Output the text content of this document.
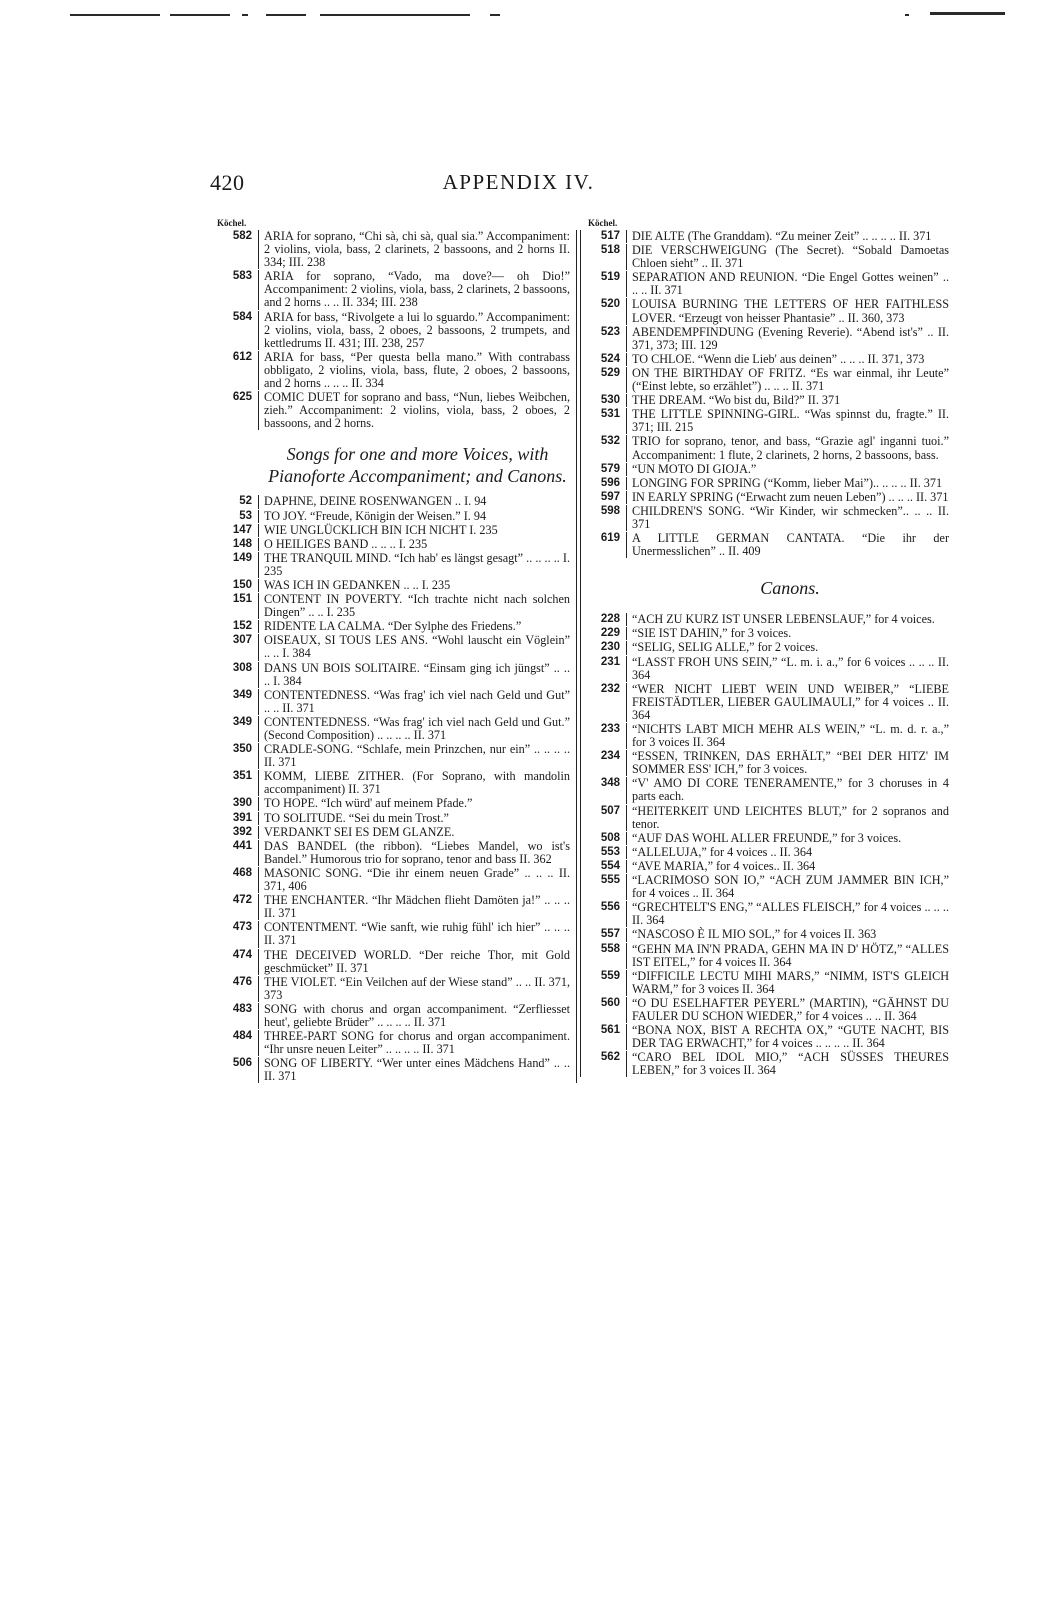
APPENDIX IV.
420
Köchel.
582 ARIA for soprano, “Chi sà, chi sà, qual sia.” Accompaniment: 2 violins, viola, bass, 2 clarinets, 2 bassoons, and 2 horns II. 334; III. 238
583 ARIA for soprano, “Vado, ma dove?— oh Dio!” Accompaniment: 2 violins, viola, bass, 2 clarinets, 2 bassoons, and 2 horns .. .. II. 334; III. 238
584 ARIA for bass, “Rivolgete a lui lo sguardo.” Accompaniment: 2 violins, viola, bass, 2 oboes, 2 bassoons, 2 trumpets, and kettledrums II. 431; III. 238, 257
612 ARIA for bass, “Per questa bella mano.” With contrabass obbligato, 2 violins, viola, bass, flute, 2 oboes, 2 bassoons, and 2 horns .. .. .. II. 334
625 COMIC DUET for soprano and bass, “Nun, liebes Weibchen, zieh.” Accompaniment: 2 violins, viola, bass, 2 oboes, 2 bassoons, and 2 horns.
Songs for one and more Voices, with Pianoforte Accompaniment; and Canons.
52 DAPHNE, DEINE ROSENWANGEN .. I. 94
53 TO JOY. “Freude, Königin der Weisen.” I. 94
147 WIE UNGLÜCKLICH BIN ICH NICHT I. 235
148 O HEILIGES BAND .. .. .. I. 235
149 THE TRANQUIL MIND. “Ich hab' es längst gesagt” .. .. .. .. I. 235
150 WAS ICH IN GEDANKEN .. .. I. 235
151 CONTENT IN POVERTY. “Ich trachte nicht nach solchen Dingen” .. .. I. 235
152 RIDENTE LA CALMA. “Der Sylphe des Friedens.”
307 OISEAUX, SI TOUS LES ANS. “Wohl lauscht ein Vöglein” .. .. I. 384
308 DANS UN BOIS SOLITAIRE. “Einsam ging ich jüngst” .. .. .. I. 384
349 CONTENTEDNESS. “Was frag' ich viel nach Geld und Gut” .. .. II. 371
349 CONTENTEDNESS. “Was frag' ich viel nach Geld und Gut.” (Second Composition) .. .. .. .. II. 371
350 CRADLE-SONG. “Schlafe, mein Prinzchen, nur ein” .. .. .. .. II. 371
351 KOMM, LIEBE ZITHER. (For Soprano, with mandolin accompaniment) II. 371
390 TO HOPE. “Ich würd' auf meinem Pfade.”
391 TO SOLITUDE. “Sei du mein Trost.”
392 VERDANKT SEI ES DEM GLANZE.
441 DAS BANDEL (the ribbon). “Liebes Mandel, wo ist's Bandel.” Humorous trio for soprano, tenor and bass II. 362
468 MASONIC SONG. “Die ihr einem neuen Grade” .. .. .. II. 371, 406
472 THE ENCHANTER. “Ihr Mädchen flieht Damöten ja!” .. .. .. II. 371
473 CONTENTMENT. “Wie sanft, wie ruhig fühl' ich hier” .. .. .. II. 371
474 THE DECEIVED WORLD. “Der reiche Thor, mit Gold geschmücket” II. 371
476 THE VIOLET. “Ein Veilchen auf der Wiese stand” .. .. II. 371, 373
483 SONG with chorus and organ accompaniment. “Zerfliesset heut', geliebte Brüder” .. .. .. .. II. 371
484 THREE-PART SONG for chorus and organ accompaniment. “Ihr unsre neuen Leiter” .. .. .. .. II. 371
506 SONG OF LIBERTY. “Wer unter eines Mädchens Hand” .. .. II. 371
Köchel.
517 DIE ALTE (The Granddam). “Zu meiner Zeit” .. .. .. .. II. 371
518 DIE VERSCHWEIGUNG (The Secret). “Sobald Damoetas Chloen sieht” .. II. 371
519 SEPARATION AND REUNION. “Die Engel Gottes weinen” .. .. .. II. 371
520 LOUISA BURNING THE LETTERS OF HER FAITHLESS LOVER. “Erzeugt von heisser Phantasie” .. II. 360, 373
523 ABENDEMPFINDUNG (Evening Reverie). “Abend ist's” .. II. 371, 373; III. 129
524 TO CHLOE. “Wenn die Lieb' aus deinen” .. .. .. II. 371, 373
529 ON THE BIRTHDAY OF FRITZ. “Es war einmal, ihr Leute” (“Einst lebte, so erzählet”) .. .. .. II. 371
530 THE DREAM. “Wo bist du, Bild?” II. 371
531 THE LITTLE SPINNING-GIRL. “Was spinnst du, fragte.” II. 371; III. 215
532 TRIO for soprano, tenor, and bass, “Grazie agl' inganni tuoi.” Accompaniment: 1 flute, 2 clarinets, 2 horns, 2 bassoons, bass.
579 “UN MOTO DI GIOJA.”
596 LONGING FOR SPRING (“Komm, lieber Mai”).. .. .. .. II. 371
597 IN EARLY SPRING (“Erwacht zum neuen Leben”) .. .. .. II. 371
598 CHILDREN'S SONG. “Wir Kinder, wir schmecken”.. .. .. II. 371
619 A LITTLE GERMAN CANTATA. “Die ihr der Unermesslichen” .. II. 409
Canons.
228 “ACH ZU KURZ IST UNSER LEBENSLAUF,” for 4 voices.
229 “SIE IST DAHIN,” for 3 voices.
230 “SELIG, SELIG ALLE,” for 2 voices.
231 “LASST FROH UNS SEIN,” “L. m. i. a.,” for 6 voices .. .. .. II. 364
232 “WER NICHT LIEBT WEIN UND WEIBER,” “LIEBE FREISTÄDTLER, LIEBER GAULIMAULI,” for 4 voices .. II. 364
233 “NICHTS LABT MICH MEHR ALS WEIN,” “L. m. d. r. a.,” for 3 voices II. 364
234 “ESSEN, TRINKEN, DAS ERHÄLT,” “BEI DER HITZ' IM SOMMER ESS' ICH,” for 3 voices.
348 “V' AMO DI CORE TENERAMENTE,” for 3 choruses in 4 parts each.
507 “HEITERKEIT UND LEICHTES BLUT,” for 2 sopranos and tenor.
508 “AUF DAS WOHL ALLER FREUNDE,” for 3 voices.
553 “ALLELUJA,” for 4 voices .. II. 364
554 “AVE MARIA,” for 4 voices.. II. 364
555 “LACRIMOSO SON IO,” “ACH ZUM JAMMER BIN ICH,” for 4 voices .. II. 364
556 “GRECHTELT'S ENG,” “ALLES FLEISCH,” for 4 voices .. .. .. II. 364
557 “NASCOSO È IL MIO SOL,” for 4 voices II. 363
558 “GEHN MA IN'N PRADA, GEHN MA IN D' HÖTZ,” “ALLES IST EITEL,” for 4 voices II. 364
559 “DIFFICILE LECTU MIHI MARS,” “NIMM, IST'S GLEICH WARM,” for 3 voices II. 364
560 “O DU ESELHAFTER PEYERL” (MARTIN), “GÄHNST DU FAULER DU SCHON WIEDER,” for 4 voices .. .. II. 364
561 “BONA NOX, BIST A RECHTA OX,” “GUTE NACHT, BIS DER TAG ERWACHT,” for 4 voices .. .. .. .. II. 364
562 “CARO BEL IDOL MIO,” “ACH SÜSSES THEURES LEBEN,” for 3 voices II. 364
